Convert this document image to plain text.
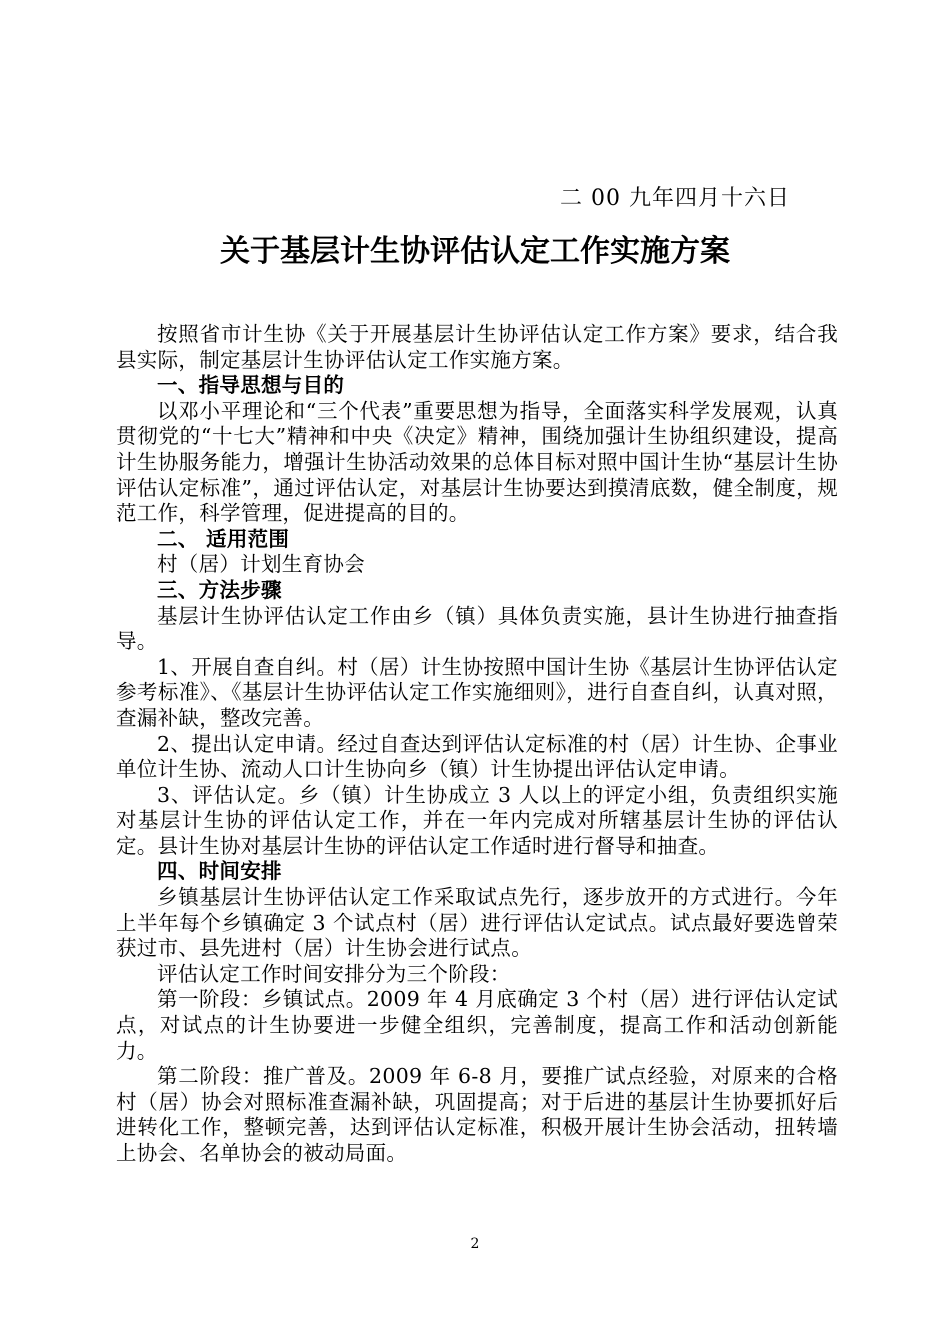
二 00 九年四月十六日
关于基层计生协评估认定工作实施方案

按照省市计生协《关于开展基层计生协评估认定工作方案》要求，结合我县实际，制定基层计生协评估认定工作实施方案。

一、指导思想与目的

以邓小平理论和“三个代表”重要思想为指导，全面落实科学发展观，认真贯彻党的“十七大”精神和中央《决定》精神，围绕加强计生协组织建设，提高计生协服务能力，增强计生协活动效果的总体目标对照中国计生协“基层计生协评估认定标准”，通过评估认定，对基层计生协要达到摸清底数，健全制度，规范工作，科学管理，促进提高的目的。

二、 适用范围

村（居）计划生育协会

三、方法步骤

基层计生协评估认定工作由乡（镇）具体负责实施，县计生协进行抽查指导。

1、开展自查自纠。村（居）计生协按照中国计生协《基层计生协评估认定参考标准》、《基层计生协评估认定工作实施细则》，进行自查自纠，认真对照，查漏补缺，整改完善。

2、提出认定申请。经过自查达到评估认定标准的村（居）计生协、企事业单位计生协、流动人口计生协向乡（镇）计生协提出评估认定申请。

3、评估认定。乡（镇）计生协成立 3 人以上的评定小组，负责组织实施对基层计生协的评估认定工作，并在一年内完成对所辖基层计生协的评估认定。县计生协对基层计生协的评估认定工作适时进行督导和抽查。

四、时间安排

乡镇基层计生协评估认定工作采取试点先行，逐步放开的方式进行。今年上半年每个乡镇确定 3 个试点村（居）进行评估认定试点。试点最好要选曾荣获过市、县先进村（居）计生协会进行试点。

评估认定工作时间安排分为三个阶段：

第一阶段：乡镇试点。2009 年 4 月底确定 3 个村（居）进行评估认定试点，对试点的计生协要进一步健全组织，完善制度，提高工作和活动创新能力。

第二阶段：推广普及。2009 年 6-8 月，要推广试点经验，对原来的合格村（居）协会对照标准查漏补缺，巩固提高；对于后进的基层计生协要抓好后进转化工作，整顿完善，达到评估认定标准，积极开展计生协会活动，扭转墙上协会、名单协会的被动局面。

2
